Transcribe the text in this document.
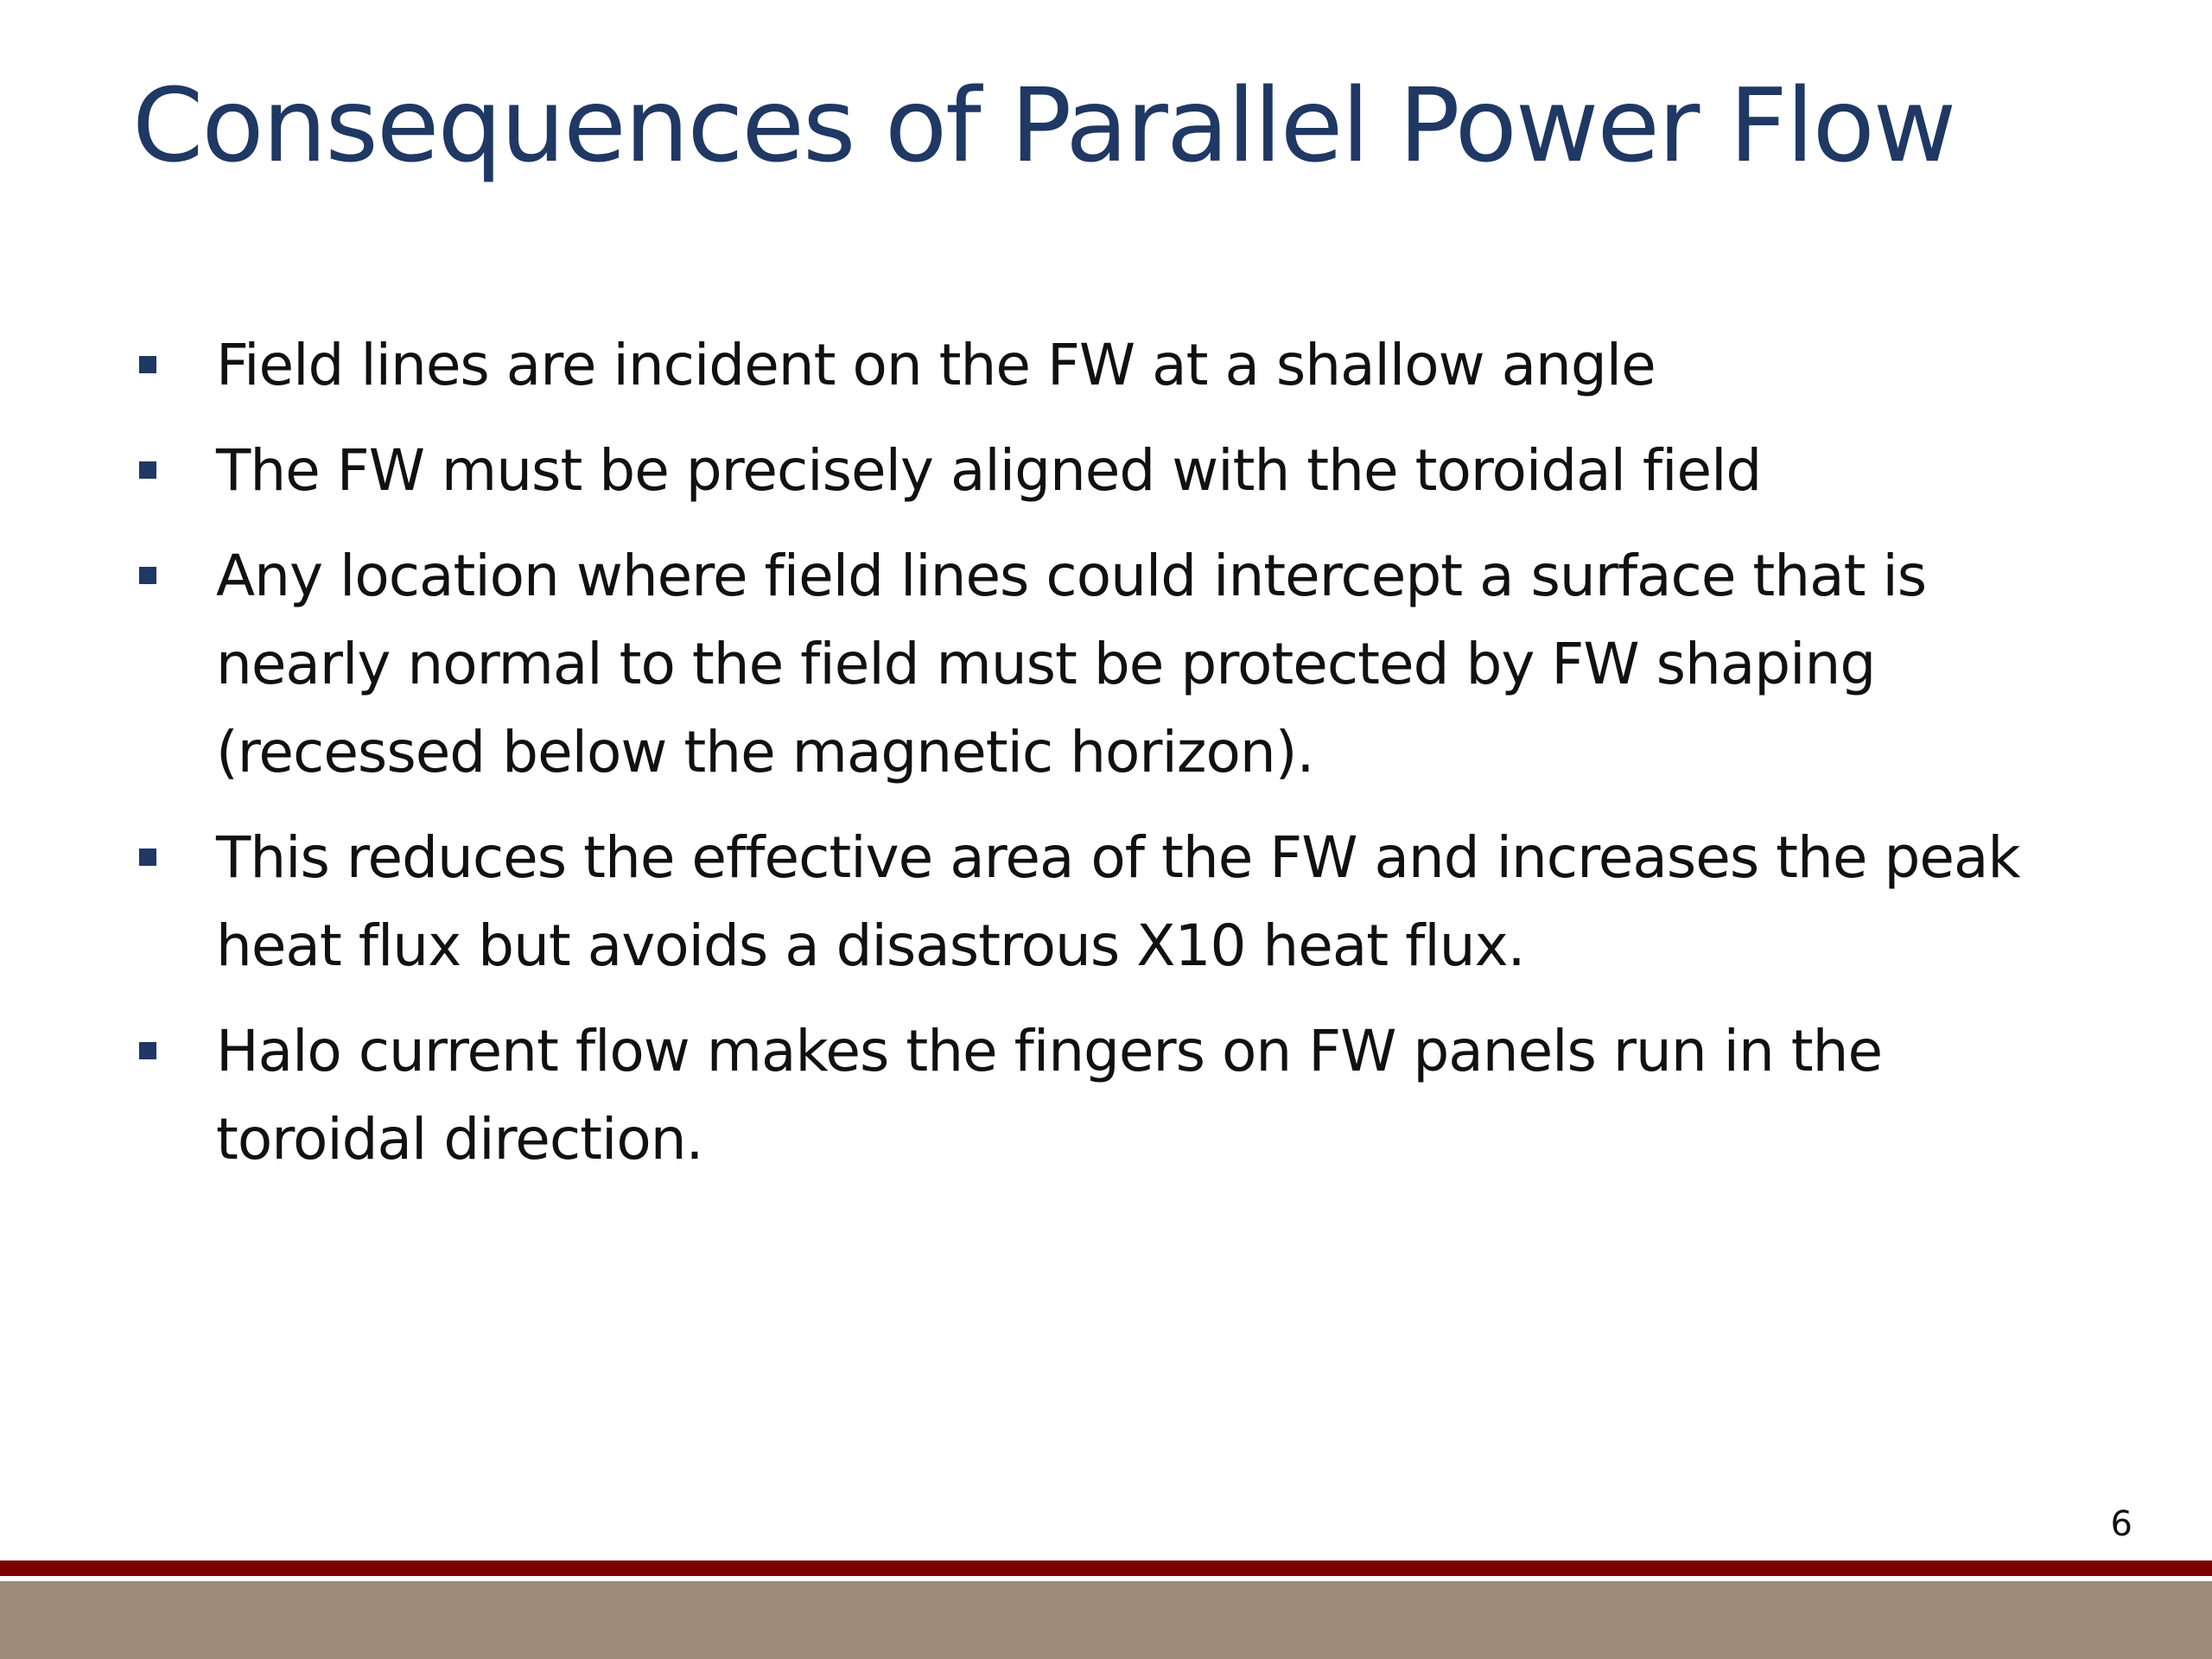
Consequences of Parallel Power Flow
Field lines are incident on the FW at a shallow angle
The FW must be precisely aligned with the toroidal field
Any location where field lines could intercept a surface that is nearly normal to the field must be protected by FW shaping (recessed below the magnetic horizon).
This reduces the effective area of the FW and increases the peak heat flux but avoids a disastrous X10 heat flux.
Halo current flow makes the fingers on FW panels run in the toroidal direction.
6
